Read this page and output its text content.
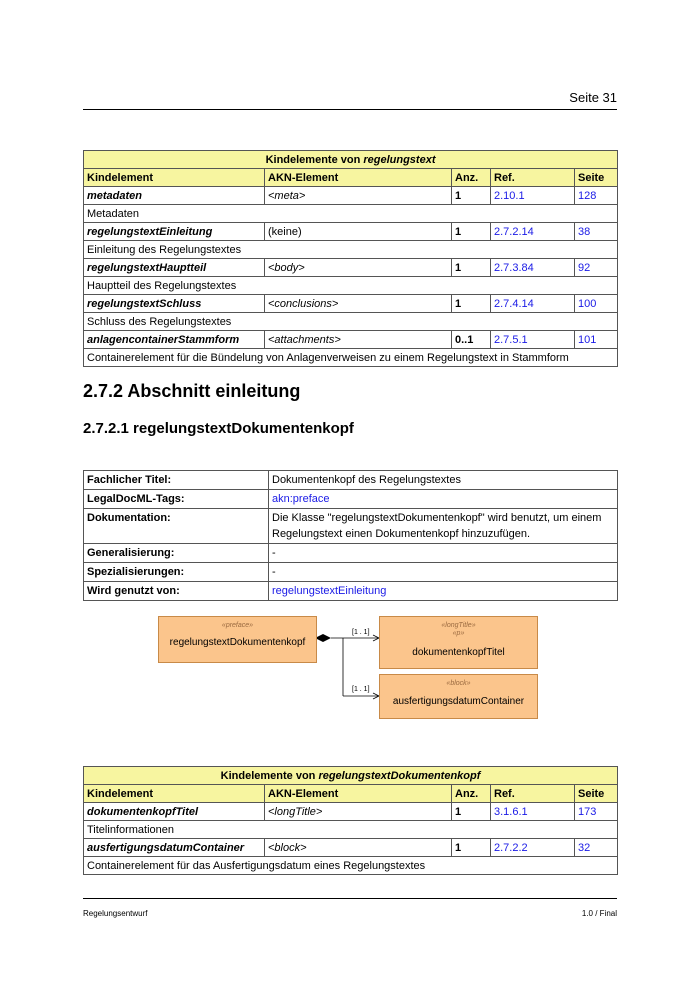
Seite 31
Kindelemente von regelungstext				
Kindelement	AKN-Element	Anz.	Ref.	Seite
metadaten	<meta>	1	2.10.1	128
Metadaten				
regelungstextEinleitung	(keine)	1	2.7.2.14	38
Einleitung des Regelungstextes				
regelungstextHauptteil	<body>	1	2.7.3.84	92
Hauptteil des Regelungstextes				
regelungstextSchluss	<conclusions>	1	2.7.4.14	100
Schluss des Regelungstextes				
anlagencontainerStammform	<attachments>	0..1	2.7.5.1	101
Containerelement für die Bündelung von Anlagenverweisen zu einem Regelungstext in Stammform				
2.7.2 Abschnitt einleitung
2.7.2.1 regelungstextDokumentenkopf
Fachlicher Titel:	Dokumentenkopf des Regelungstextes
LegalDocML-Tags:	akn:preface
Dokumentation:	Die Klasse "regelungstextDokumentenkopf" wird benutzt, um einem Regelungstext einen Dokumentenkopf hinzuzufügen.
Generalisierung:	-
Spezialisierungen:	-
Wird genutzt von:	regelungstextEinleitung
«preface»
regelungstextDokumentenkopf
«longTitle»
«p»
dokumentenkopfTitel
«block»
ausfertigungsdatumContainer
[1 . 1]
[1 . 1]
Kindelemente von regelungstextDokumentenkopf				
Kindelement	AKN-Element	Anz.	Ref.	Seite
dokumentenkopfTitel	<longTitle>	1	3.1.6.1	173
Titelinformationen				
ausfertigungsdatumContainer	<block>	1	2.7.2.2	32
Containerelement für das Ausfertigungsdatum eines Regelungstextes				
Regelungsentwurf	1.0 / Final
